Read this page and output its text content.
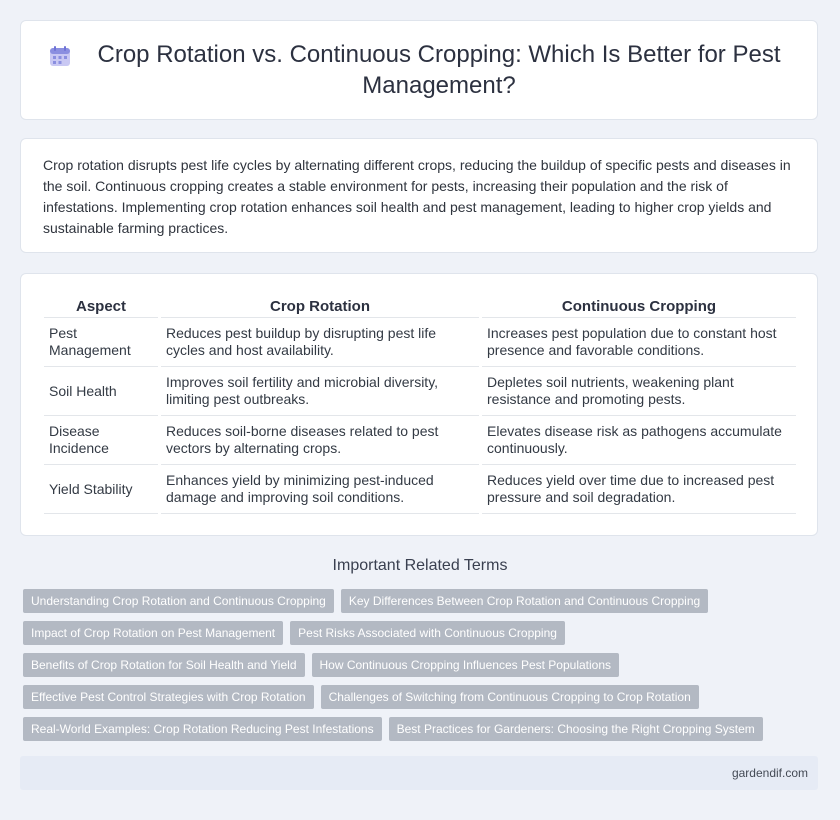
Crop Rotation vs. Continuous Cropping: Which Is Better for Pest Management?

Crop rotation disrupts pest life cycles by alternating different crops, reducing the buildup of specific pests and diseases in the soil. Continuous cropping creates a stable environment for pests, increasing their population and the risk of infestations. Implementing crop rotation enhances soil health and pest management, leading to higher crop yields and sustainable farming practices.

Aspect	Crop Rotation	Continuous Cropping
Pest Management	Reduces pest buildup by disrupting pest life cycles and host availability.	Increases pest population due to constant host presence and favorable conditions.
Soil Health	Improves soil fertility and microbial diversity, limiting pest outbreaks.	Depletes soil nutrients, weakening plant resistance and promoting pests.
Disease Incidence	Reduces soil-borne diseases related to pest vectors by alternating crops.	Elevates disease risk as pathogens accumulate continuously.
Yield Stability	Enhances yield by minimizing pest-induced damage and improving soil conditions.	Reduces yield over time due to increased pest pressure and soil degradation.
Important Related Terms
Understanding Crop Rotation and Continuous Cropping	Key Differences Between Crop Rotation and Continuous Cropping
Impact of Crop Rotation on Pest Management	Pest Risks Associated with Continuous Cropping
Benefits of Crop Rotation for Soil Health and Yield	How Continuous Cropping Influences Pest Populations
Effective Pest Control Strategies with Crop Rotation	Challenges of Switching from Continuous Cropping to Crop Rotation
Real-World Examples: Crop Rotation Reducing Pest Infestations	Best Practices for Gardeners: Choosing the Right Cropping System
gardendif.com
